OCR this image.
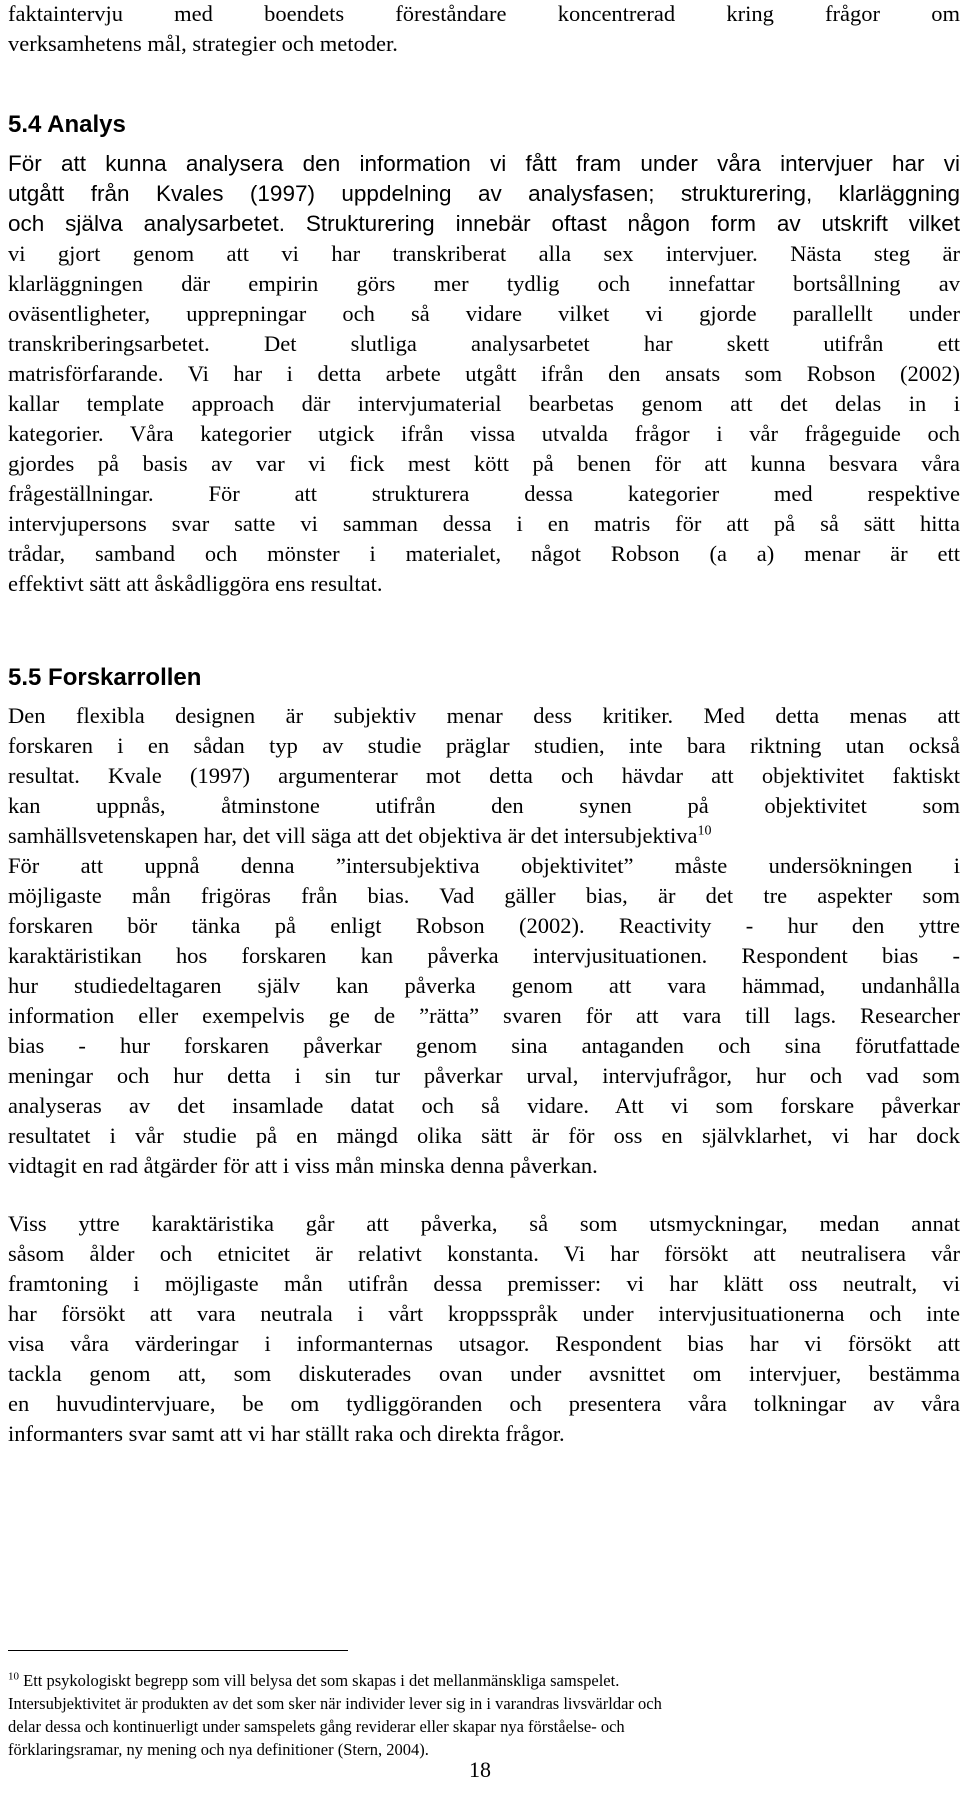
faktaintervju med boendets föreståndare koncentrerad kring frågor om
verksamhetens mål, strategier och metoder.
5.4 Analys
För att kunna analysera den information vi fått fram under våra intervjuer har vi
utgått från Kvales (1997) uppdelning av analysfasen; strukturering, klarläggning
och själva analysarbetet. Strukturering innebär oftast någon form av utskrift vilket
vi gjort genom att vi har transkriberat alla sex intervjuer. Nästa steg är
klarläggningen där empirin görs mer tydlig och innefattar bortsållning av
oväsentligheter, upprepningar och så vidare vilket vi gjorde parallellt under
transkriberingsarbetet. Det slutliga analysarbetet har skett utifrån ett
matrisförfarande. Vi har i detta arbete utgått ifrån den ansats som Robson (2002)
kallar template approach där intervjumaterial bearbetas genom att det delas in i
kategorier. Våra kategorier utgick ifrån vissa utvalda frågor i vår frågeguide och
gjordes på basis av var vi fick mest kött på benen för att kunna besvara våra
frågeställningar. För att strukturera dessa kategorier med respektive
intervjupersons svar satte vi samman dessa i en matris för att på så sätt hitta
trådar, samband och mönster i materialet, något Robson (a a) menar är ett
effektivt sätt att åskådliggöra ens resultat.
5.5 Forskarrollen
Den flexibla designen är subjektiv menar dess kritiker. Med detta menas att
forskaren i en sådan typ av studie präglar studien, inte bara riktning utan också
resultat. Kvale (1997) argumenterar mot detta och hävdar att objektivitet faktiskt
kan uppnås, åtminstone utifrån den synen på objektivitet som
samhällsvetenskapen har, det vill säga att det objektiva är det intersubjektiva$^{10}$
För att uppnå denna ”intersubjektiva objektivitet” måste undersökningen i
möjligaste mån frigöras från bias. Vad gäller bias, är det tre aspekter som
forskaren bör tänka på enligt Robson (2002). Reactivity - hur den yttre
karaktäristikan hos forskaren kan påverka intervjusituationen. Respondent bias -
hur studiedeltagaren själv kan påverka genom att vara hämmad, undanhålla
information eller exempelvis ge de ”rätta” svaren för att vara till lags. Researcher
bias - hur forskaren påverkar genom sina antaganden och sina förutfattade
meningar och hur detta i sin tur påverkar urval, intervjufrågor, hur och vad som
analyseras av det insamlade datat och så vidare. Att vi som forskare påverkar
resultatet i vår studie på en mängd olika sätt är för oss en självklarhet, vi har dock
vidtagit en rad åtgärder för att i viss mån minska denna påverkan.
Viss yttre karaktäristika går att påverka, så som utsmyckningar, medan annat
såsom ålder och etnicitet är relativt konstanta. Vi har försökt att neutralisera vår
framtoning i möjligaste mån utifrån dessa premisser: vi har klätt oss neutralt, vi
har försökt att vara neutrala i vårt kroppsspråk under intervjusituationerna och inte
visa våra värderingar i informanternas utsagor. Respondent bias har vi försökt att
tackla genom att, som diskuterades ovan under avsnittet om intervjuer, bestämma
en huvudintervjuare, be om tydliggöranden och presentera våra tolkningar av våra
informanters svar samt att vi har ställt raka och direkta frågor.
$^{10}$ Ett psykologiskt begrepp som vill belysa det som skapas i det mellanmänskliga samspelet.
Intersubjektivitet är produkten av det som sker när individer lever sig in i varandras livsvärldar och
delar dessa och kontinuerligt under samspelets gång reviderar eller skapar nya förståelse- och
förklaringsramar, ny mening och nya definitioner (Stern, 2004).
18
